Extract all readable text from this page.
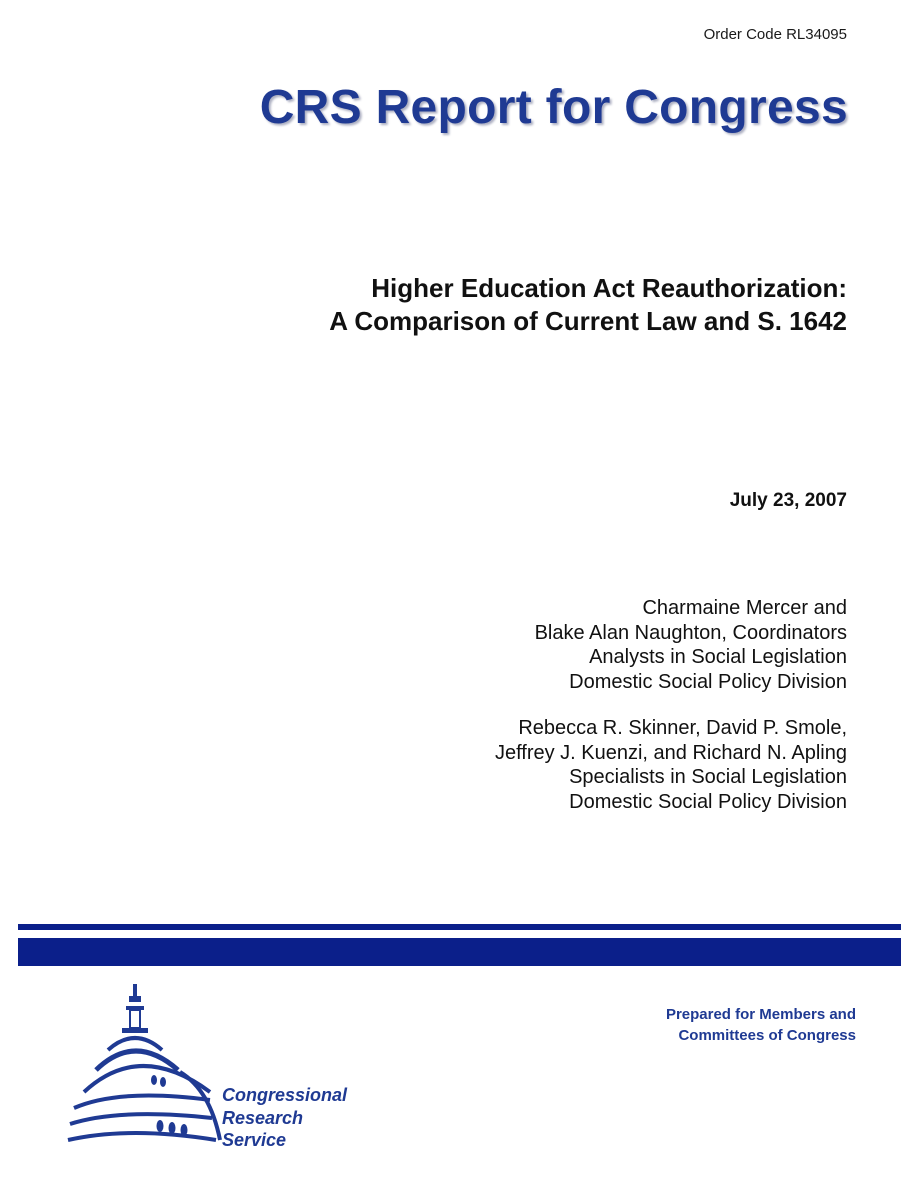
Order Code RL34095
CRS Report for Congress
Higher Education Act Reauthorization:
A Comparison of Current Law and S. 1642
July 23, 2007
Charmaine Mercer and
Blake Alan Naughton, Coordinators
Analysts in Social Legislation
Domestic Social Policy Division
Rebecca R. Skinner, David P. Smole,
Jeffrey J. Kuenzi, and Richard N. Apling
Specialists in Social Legislation
Domestic Social Policy Division
Prepared for Members and
Committees of Congress
Congressional
Research
Service
